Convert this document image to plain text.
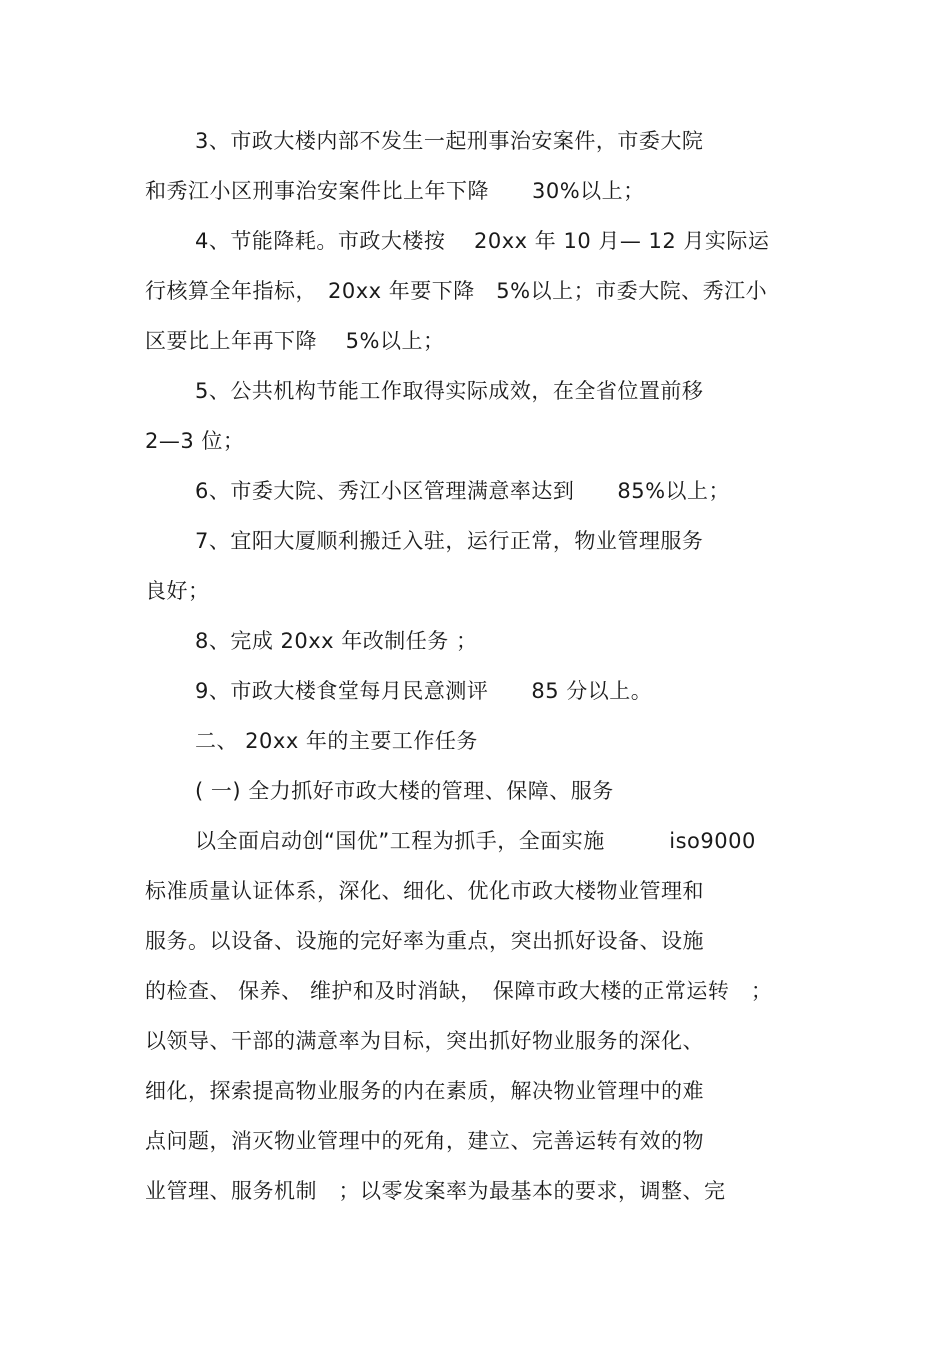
3、市政大楼内部不发生一起刑事治安案件，市委大院
和秀江小区刑事治安案件比上年下降　　30%以上；
4、节能降耗。市政大楼按　 20xx 年 10 月— 12 月实际运
行核算全年指标，　20xx 年要下降　5%以上；市委大院、秀江小
区要比上年再下降　 5%以上；
5、公共机构节能工作取得实际成效，在全省位置前移
2—3 位；
6、市委大院、秀江小区管理满意率达到　　85%以上；
7、宜阳大厦顺利搬迁入驻，运行正常，物业管理服务
良好；
8、完成 20xx 年改制任务 ；
9、市政大楼食堂每月民意测评　　85 分以上。
二、 20xx 年的主要工作任务
( 一) 全力抓好市政大楼的管理、保障、服务
以全面启动创“国优”工程为抓手，全面实施　　　iso9000
标准质量认证体系，深化、细化、优化市政大楼物业管理和
服务。以设备、设施的完好率为重点，突出抓好设备、设施
的检查、 保养、 维护和及时消缺，　保障市政大楼的正常运转　；
以领导、干部的满意率为目标，突出抓好物业服务的深化、
细化，探索提高物业服务的内在素质，解决物业管理中的难
点问题，消灭物业管理中的死角，建立、完善运转有效的物
业管理、服务机制　；以零发案率为最基本的要求，调整、完
